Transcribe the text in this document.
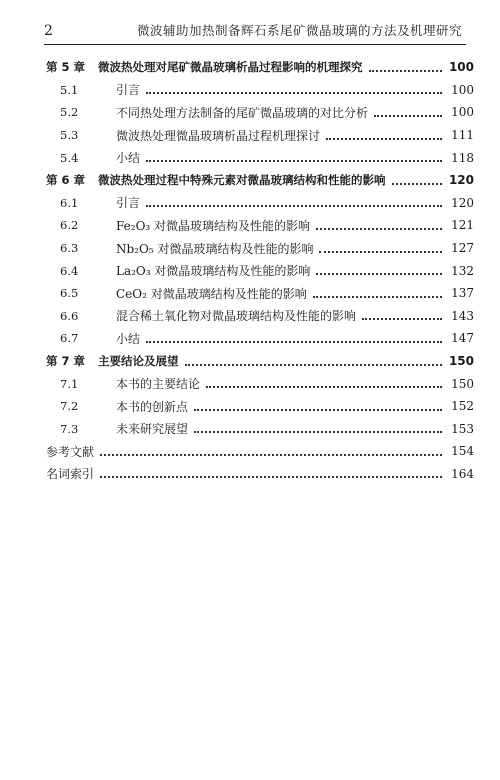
2	微波辅助加热制备辉石系尾矿微晶玻璃的方法及机理研究
第 5 章	微波热处理对尾矿微晶玻璃析晶过程影响的机理探究	100
5.1	引言	100
5.2	不同热处理方法制备的尾矿微晶玻璃的对比分析	100
5.3	微波热处理微晶玻璃析晶过程机理探讨	111
5.4	小结	118
第 6 章	微波热处理过程中特殊元素对微晶玻璃结构和性能的影响	120
6.1	引言	120
6.2	Fe₂O₃ 对微晶玻璃结构及性能的影响	121
6.3	Nb₂O₅ 对微晶玻璃结构及性能的影响	127
6.4	La₂O₃ 对微晶玻璃结构及性能的影响	132
6.5	CeO₂ 对微晶玻璃结构及性能的影响	137
6.6	混合稀土氧化物对微晶玻璃结构及性能的影响	143
6.7	小结	147
第 7 章	主要结论及展望	150
7.1	本书的主要结论	150
7.2	本书的创新点	152
7.3	未来研究展望	153
参考文献	154
名词索引	164
